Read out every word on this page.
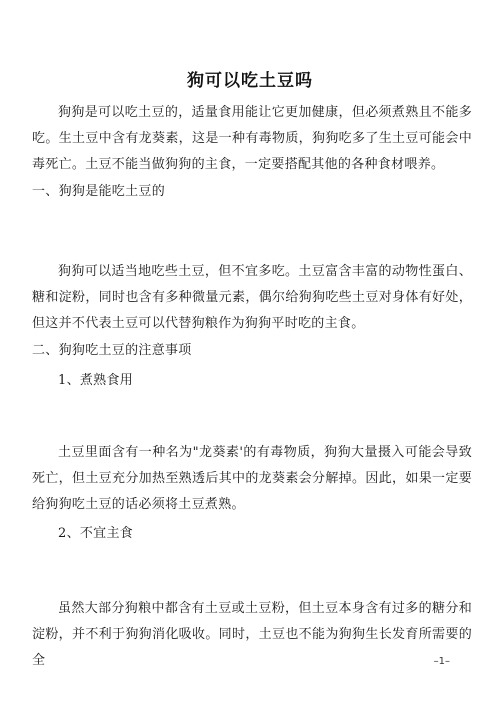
狗可以吃土豆吗
狗狗是可以吃土豆的，适量食用能让它更加健康，但必须煮熟且不能多吃。生土豆中含有龙葵素，这是一种有毒物质，狗狗吃多了生土豆可能会中毒死亡。土豆不能当做狗狗的主食，一定要搭配其他的各种食材喂养。
一、狗狗是能吃土豆的
狗狗可以适当地吃些土豆，但不宜多吃。土豆富含丰富的动物性蛋白、糖和淀粉，同时也含有多种微量元素，偶尔给狗狗吃些土豆对身体有好处，但这并不代表土豆可以代替狗粮作为狗狗平时吃的主食。
二、狗狗吃土豆的注意事项
1、煮熟食用
土豆里面含有一种名为"龙葵素'的有毒物质，狗狗大量摄入可能会导致死亡，但土豆充分加热至熟透后其中的龙葵素会分解掉。因此，如果一定要给狗狗吃土豆的话必须将土豆煮熟。
2、不宜主食
虽然大部分狗粮中都含有土豆或土豆粉，但土豆本身含有过多的糖分和淀粉，并不利于狗狗消化吸收。同时，土豆也不能为狗狗生长发育所需要的全	–1–
